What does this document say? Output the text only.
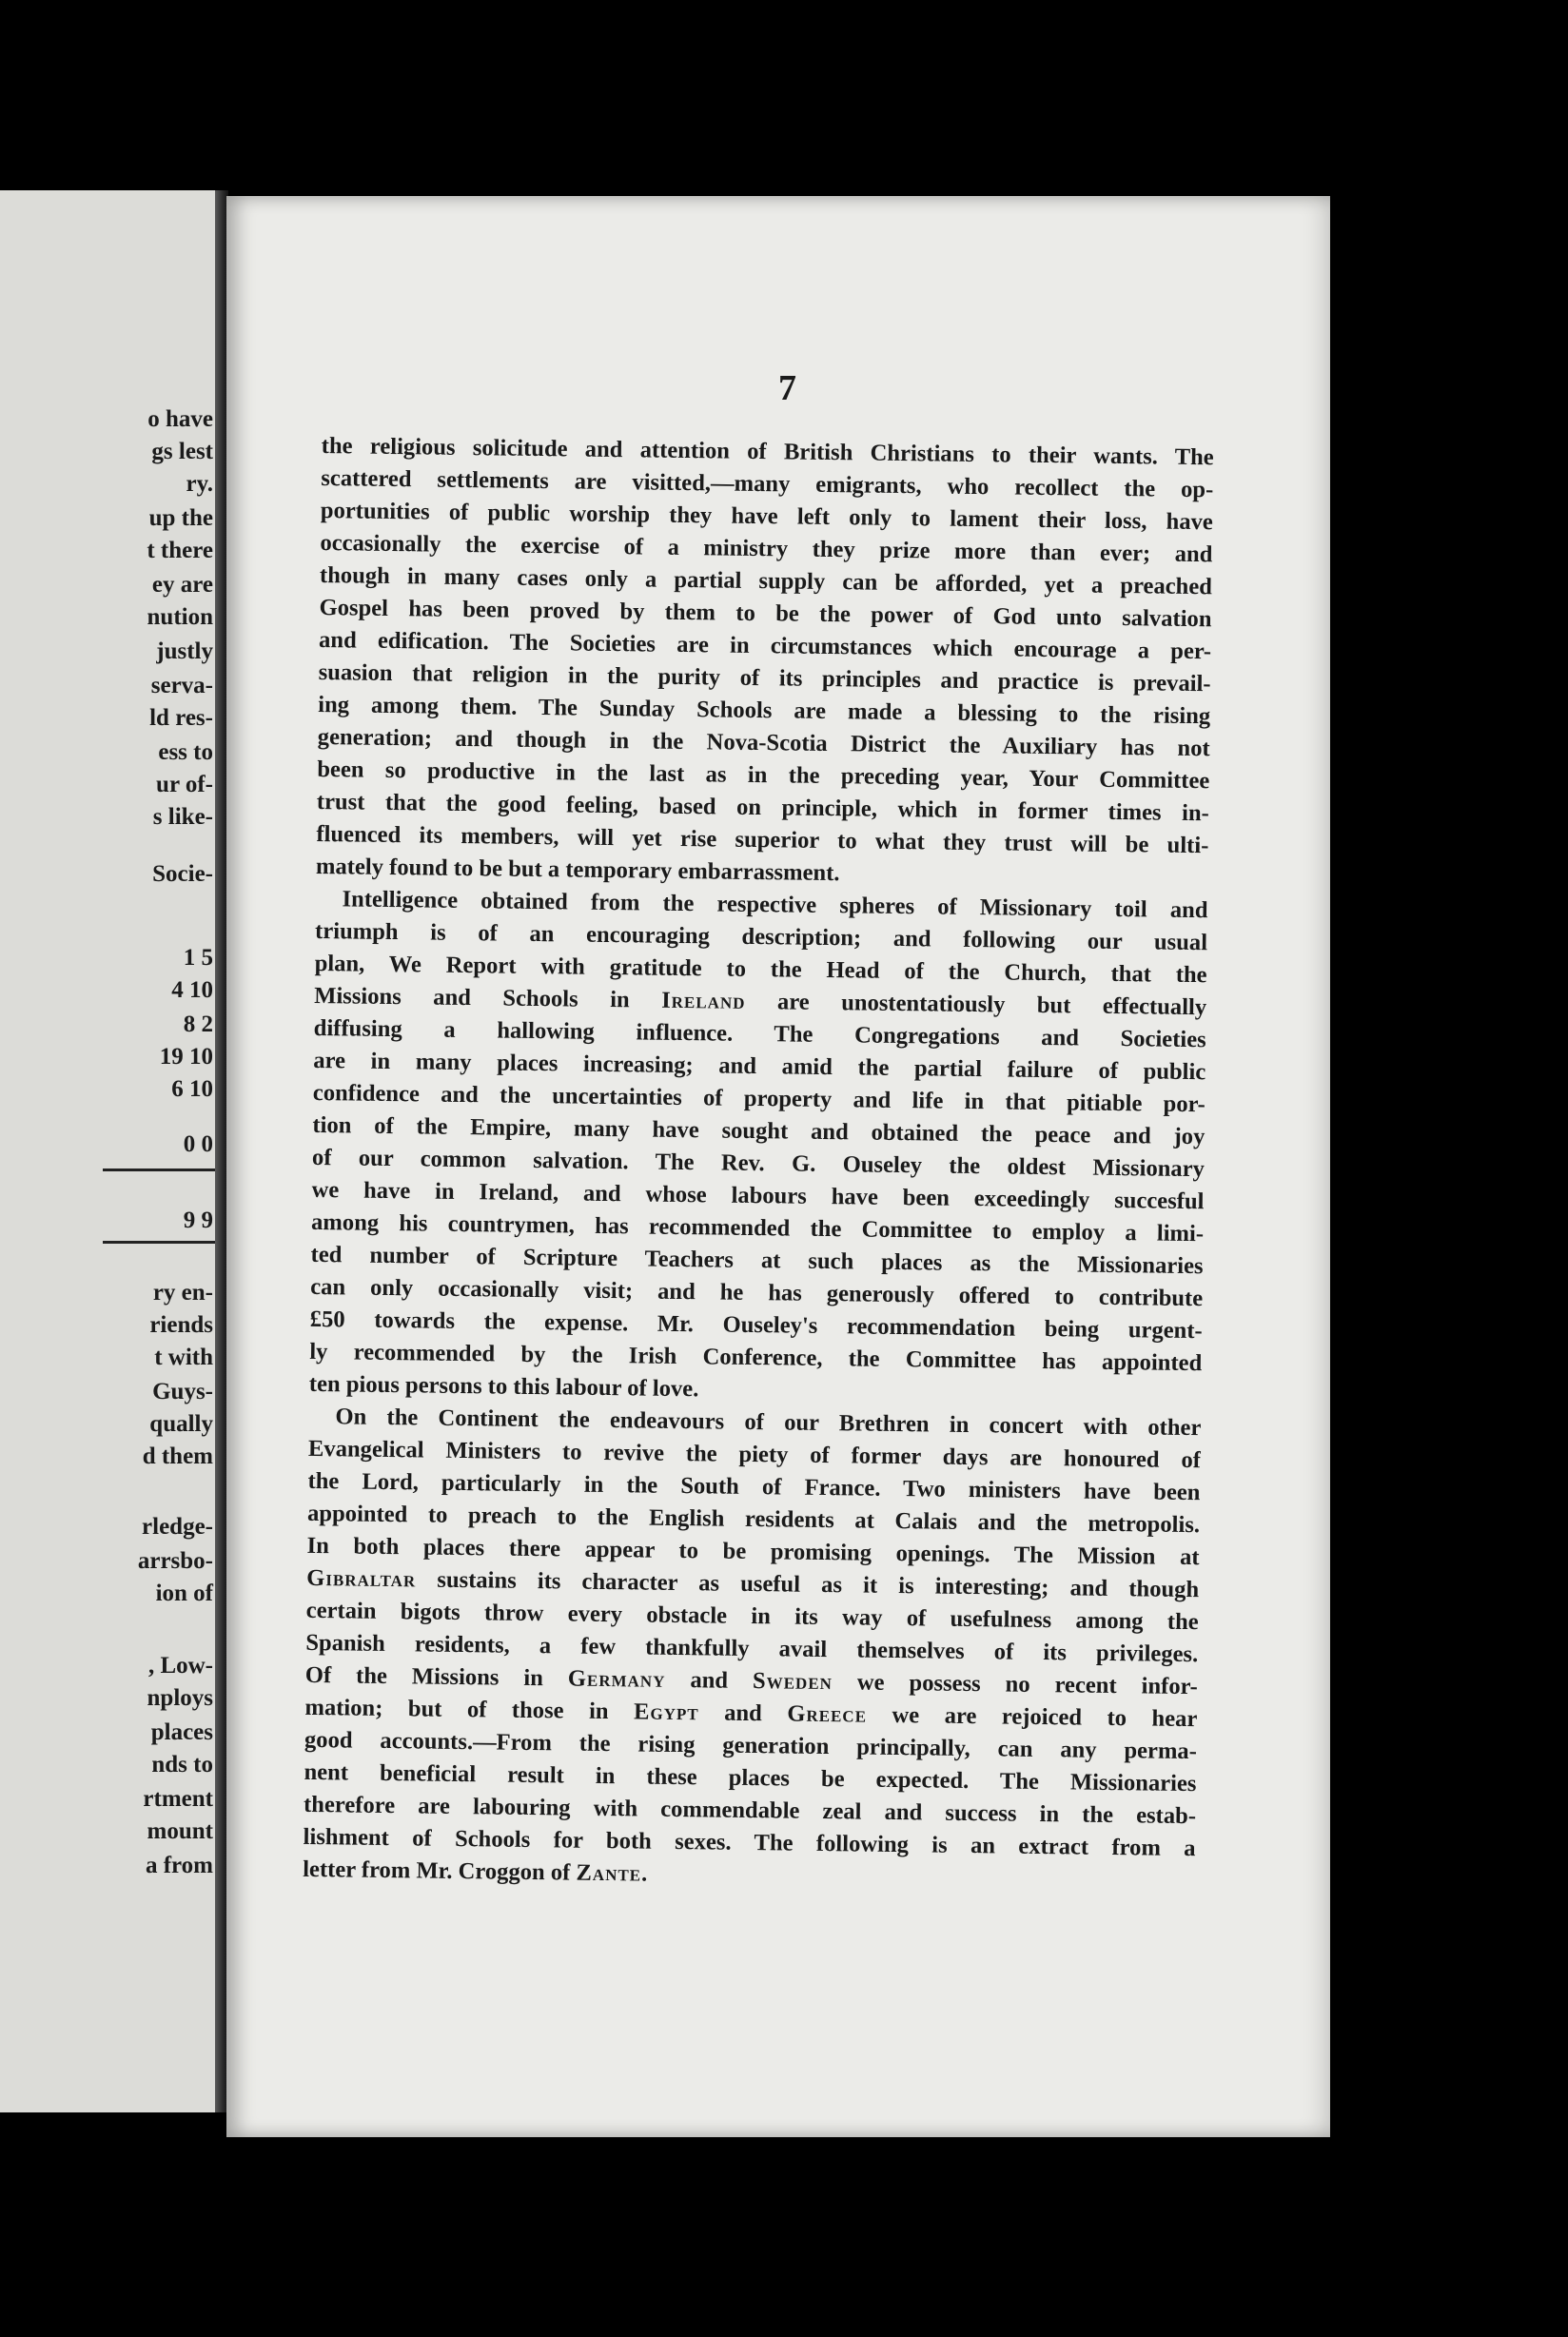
o have
gs lest
ry.
up the
t there
ey are
nution
justly
serva-
ld res-
ess to
ur of-
s like-
Socie-
1 5
4 10
8 2
19 10
6 10
0 0
9 9
ry en-
riends
t with
Guys-
qually
d them
rledge-
arrsbo-
ion of
, Low-
nploys
places
nds to
rtment
mount
a from
7
the religious solicitude and attention of British Christians to their wants. The
scattered settlements are visitted,—many emigrants, who recollect the op-
portunities of public worship they have left only to lament their loss, have
occasionally the exercise of a ministry they prize more than ever; and
though in many cases only a partial supply can be afforded, yet a preached
Gospel has been proved by them to be the power of God unto salvation
and edification. The Societies are in circumstances which encourage a per-
suasion that religion in the purity of its principles and practice is prevail-
ing among them. The Sunday Schools are made a blessing to the rising
generation; and though in the Nova-Scotia District the Auxiliary has not
been so productive in the last as in the preceding year, Your Committee
trust that the good feeling, based on principle, which in former times in-
fluenced its members, will yet rise superior to what they trust will be ulti-
mately found to be but a temporary embarrassment.
Intelligence obtained from the respective spheres of Missionary toil and
triumph is of an encouraging description; and following our usual
plan, We Report with gratitude to the Head of the Church, that the
Missions and Schools in Ireland are unostentatiously but effectually
diffusing a hallowing influence. The Congregations and Societies
are in many places increasing; and amid the partial failure of public
confidence and the uncertainties of property and life in that pitiable por-
tion of the Empire, many have sought and obtained the peace and joy
of our common salvation. The Rev. G. Ouseley the oldest Missionary
we have in Ireland, and whose labours have been exceedingly succesful
among his countrymen, has recommended the Committee to employ a limi-
ted number of Scripture Teachers at such places as the Missionaries
can only occasionally visit; and he has generously offered to contribute
£50 towards the expense. Mr. Ouseley's recommendation being urgent-
ly recommended by the Irish Conference, the Committee has appointed
ten pious persons to this labour of love.
On the Continent the endeavours of our Brethren in concert with other
Evangelical Ministers to revive the piety of former days are honoured of
the Lord, particularly in the South of France. Two ministers have been
appointed to preach to the English residents at Calais and the metropolis.
In both places there appear to be promising openings. The Mission at
Gibraltar sustains its character as useful as it is interesting; and though
certain bigots throw every obstacle in its way of usefulness among the
Spanish residents, a few thankfully avail themselves of its privileges.
Of the Missions in Germany and Sweden we possess no recent infor-
mation; but of those in Egypt and Greece we are rejoiced to hear
good accounts.—From the rising generation principally, can any perma-
nent beneficial result in these places be expected. The Missionaries
therefore are labouring with commendable zeal and success in the estab-
lishment of Schools for both sexes. The following is an extract from a
letter from Mr. Croggon of Zante.
